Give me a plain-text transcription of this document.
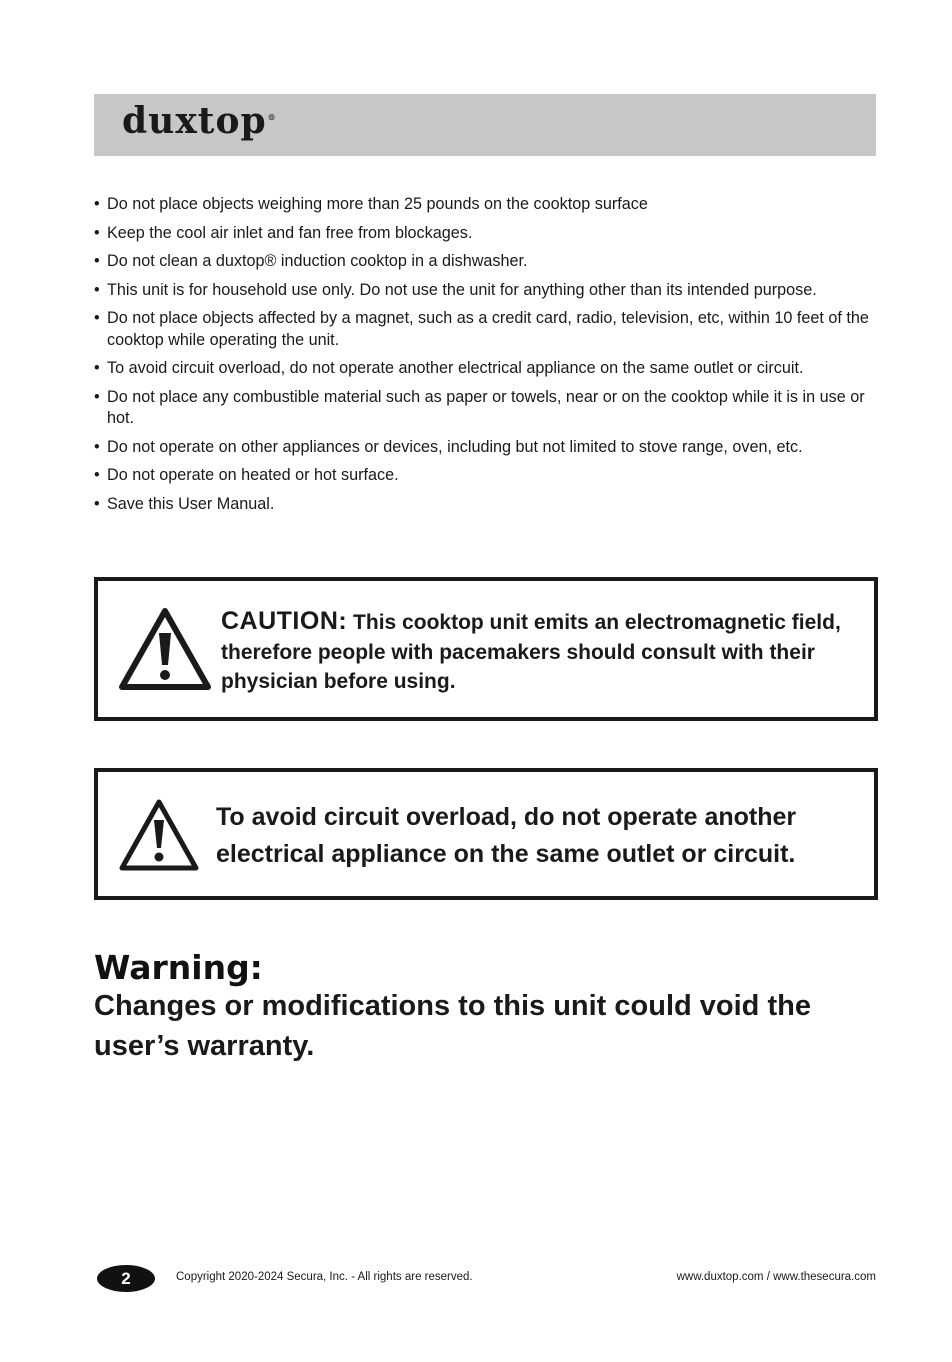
duxtop®
• Do not place objects weighing more than 25 pounds on the cooktop surface
• Keep the cool air inlet and fan free from blockages.
• Do not clean a duxtop® induction cooktop in a dishwasher.
• This unit is for household use only. Do not use the unit for anything other than its intended purpose.
• Do not place objects affected by a magnet, such as a credit card, radio, television, etc, within 10 feet of the cooktop while operating the unit.
• To avoid circuit overload, do not operate another electrical appliance on the same outlet or circuit.
• Do not place any combustible material such as paper or towels, near or on the cooktop while it is in use or hot.
• Do not operate on other appliances or devices, including but not limited to stove range, oven, etc.
• Do not operate on heated or hot surface.
• Save this User Manual.
CAUTION: This cooktop unit emits an electromagnetic field, therefore people with pacemakers should consult with their physician before using.
To avoid circuit overload, do not operate another electrical appliance on the same outlet or circuit.
Warning:
Changes or modifications to this unit could void the user’s warranty.
2	Copyright 2020-2024 Secura, Inc. - All rights are reserved.	www.duxtop.com / www.thesecura.com
